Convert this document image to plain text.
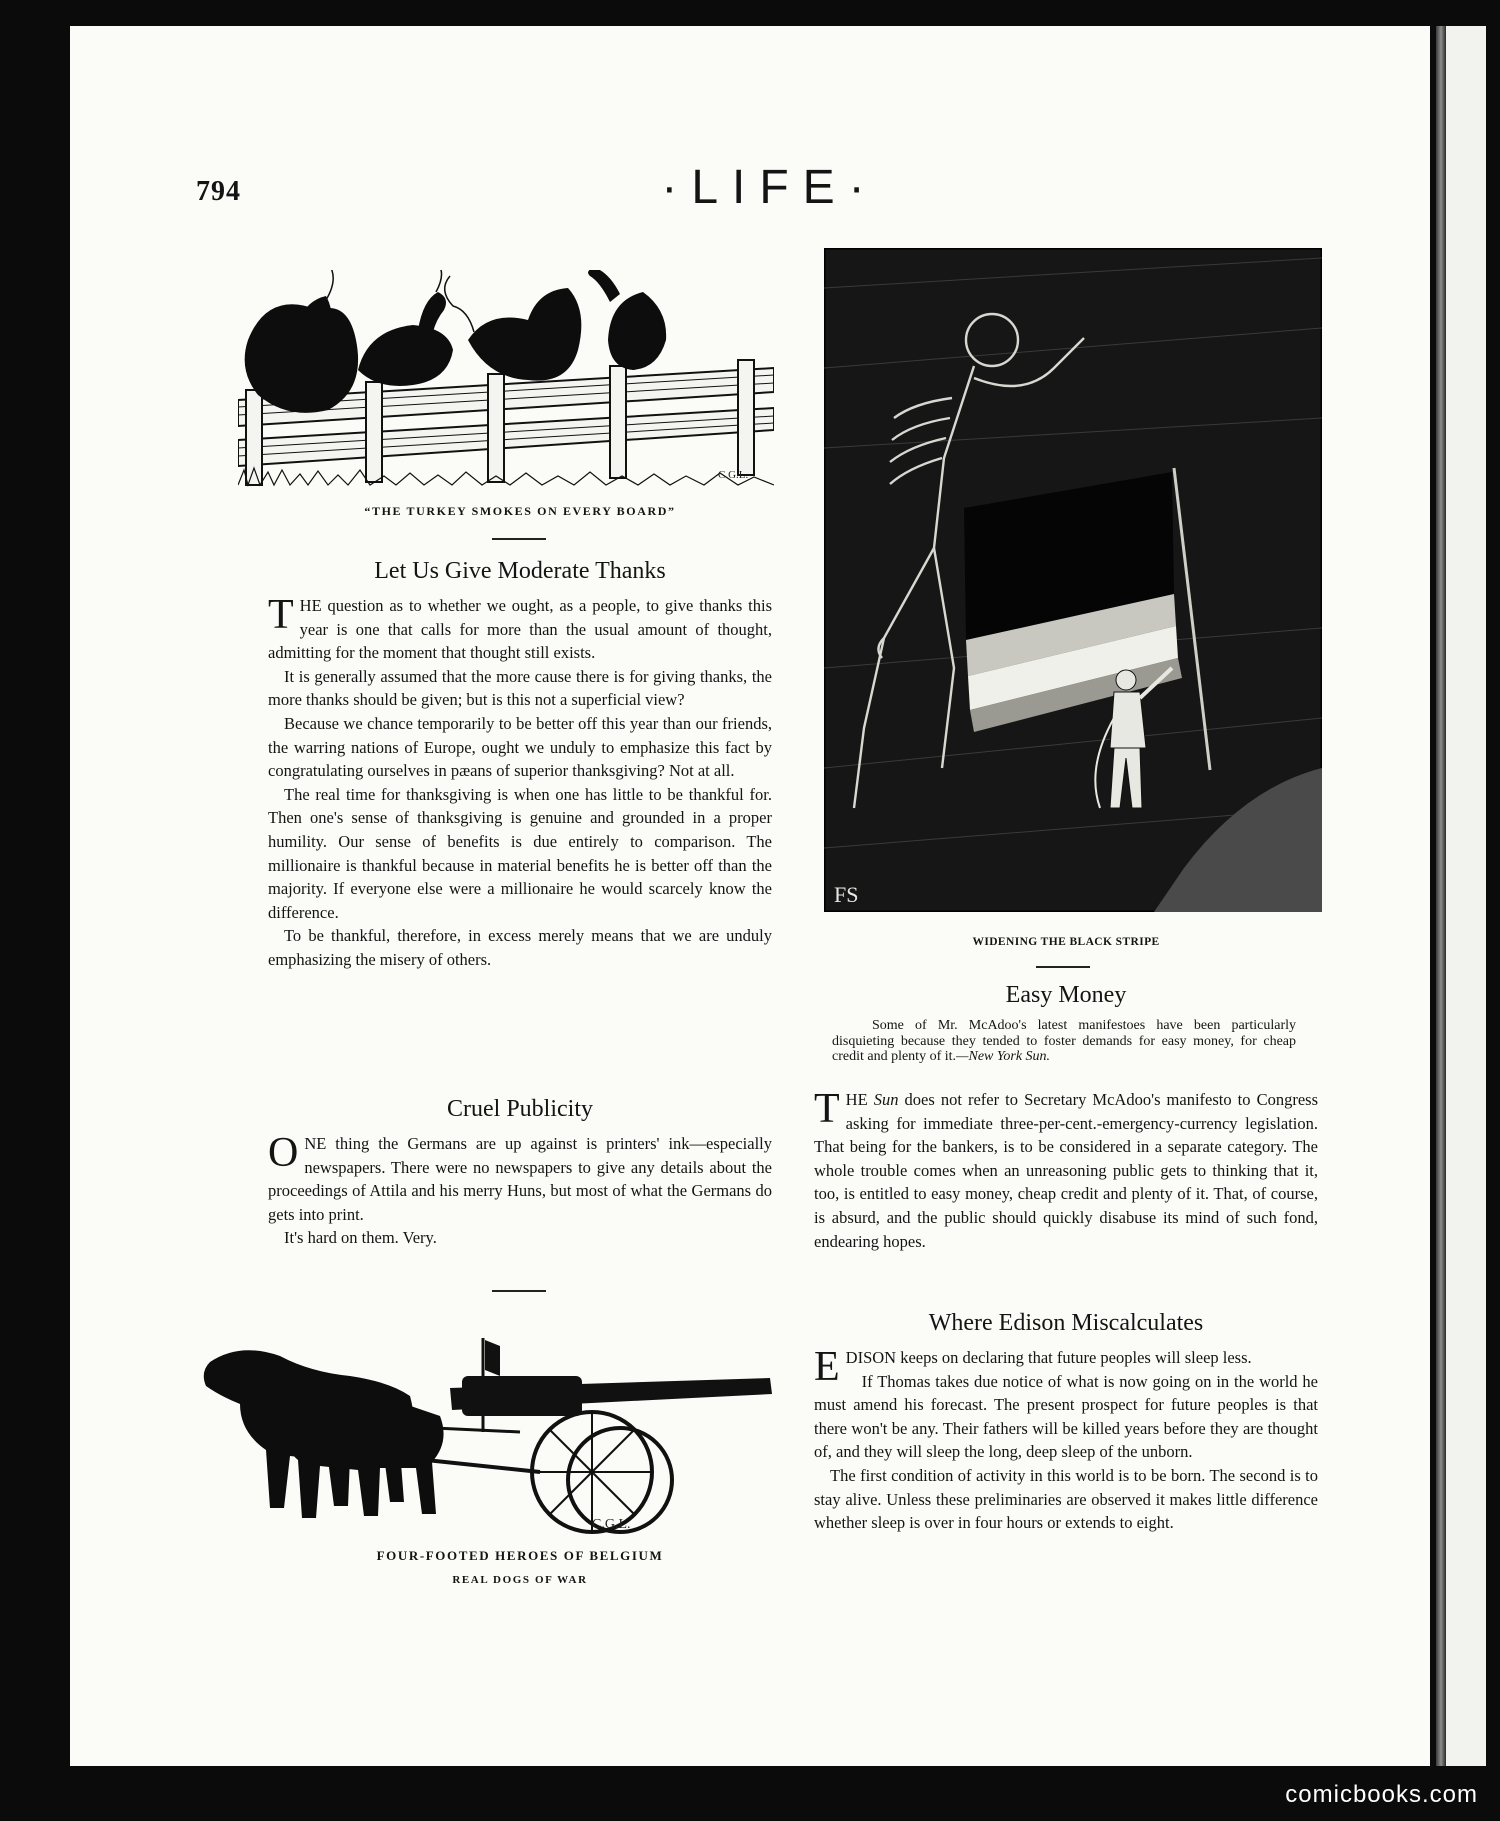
794	·LIFE·
C.G.L.
“THE TURKEY SMOKES ON EVERY BOARD”
Let Us Give Moderate Thanks

THE question as to whether we ought, as a people, to give thanks this year is one that calls for more than the usual amount of thought, admitting for the moment that thought still exists.

It is generally assumed that the more cause there is for giving thanks, the more thanks should be given; but is this not a superficial view?

Because we chance temporarily to be better off this year than our friends, the warring nations of Europe, ought we unduly to emphasize this fact by congratulating ourselves in pæans of superior thanksgiving? Not at all.

The real time for thanksgiving is when one has little to be thankful for. Then one's sense of thanksgiving is genuine and grounded in a proper humility. Our sense of benefits is due entirely to comparison. The millionaire is thankful because in material benefits he is better off than the majority. If everyone else were a millionaire he would scarcely know the difference.

To be thankful, therefore, in excess merely means that we are unduly emphasizing the misery of others.

Cruel Publicity

ONE thing the Germans are up against is printers' ink—especially newspapers. There were no newspapers to give any details about the proceedings of Attila and his merry Huns, but most of what the Germans do gets into print.

It's hard on them. Very.

C.G.L.
FOUR-FOOTED HEROES OF BELGIUM
REAL DOGS OF WAR
FS
WIDENING THE BLACK STRIPE
Easy Money

Some of Mr. McAdoo's latest manifestoes have been particularly disquieting because they tended to foster demands for easy money, for cheap credit and plenty of it.—New York Sun.

THE Sun does not refer to Secretary McAdoo's manifesto to Congress asking for immediate three-per-cent.-emergency-currency legislation. That being for the bankers, is to be considered in a separate category. The whole trouble comes when an unreasoning public gets to thinking that it, too, is entitled to easy money, cheap credit and plenty of it. That, of course, is absurd, and the public should quickly disabuse its mind of such fond, endearing hopes.

Where Edison Miscalculates

EDISON keeps on declaring that future peoples will sleep less.

If Thomas takes due notice of what is now going on in the world he must amend his forecast. The present prospect for future peoples is that there won't be any. Their fathers will be killed years before they are thought of, and they will sleep the long, deep sleep of the unborn.

The first condition of activity in this world is to be born. The second is to stay alive. Unless these preliminaries are observed it makes little difference whether sleep is over in four hours or extends to eight.

comicbooks.com
